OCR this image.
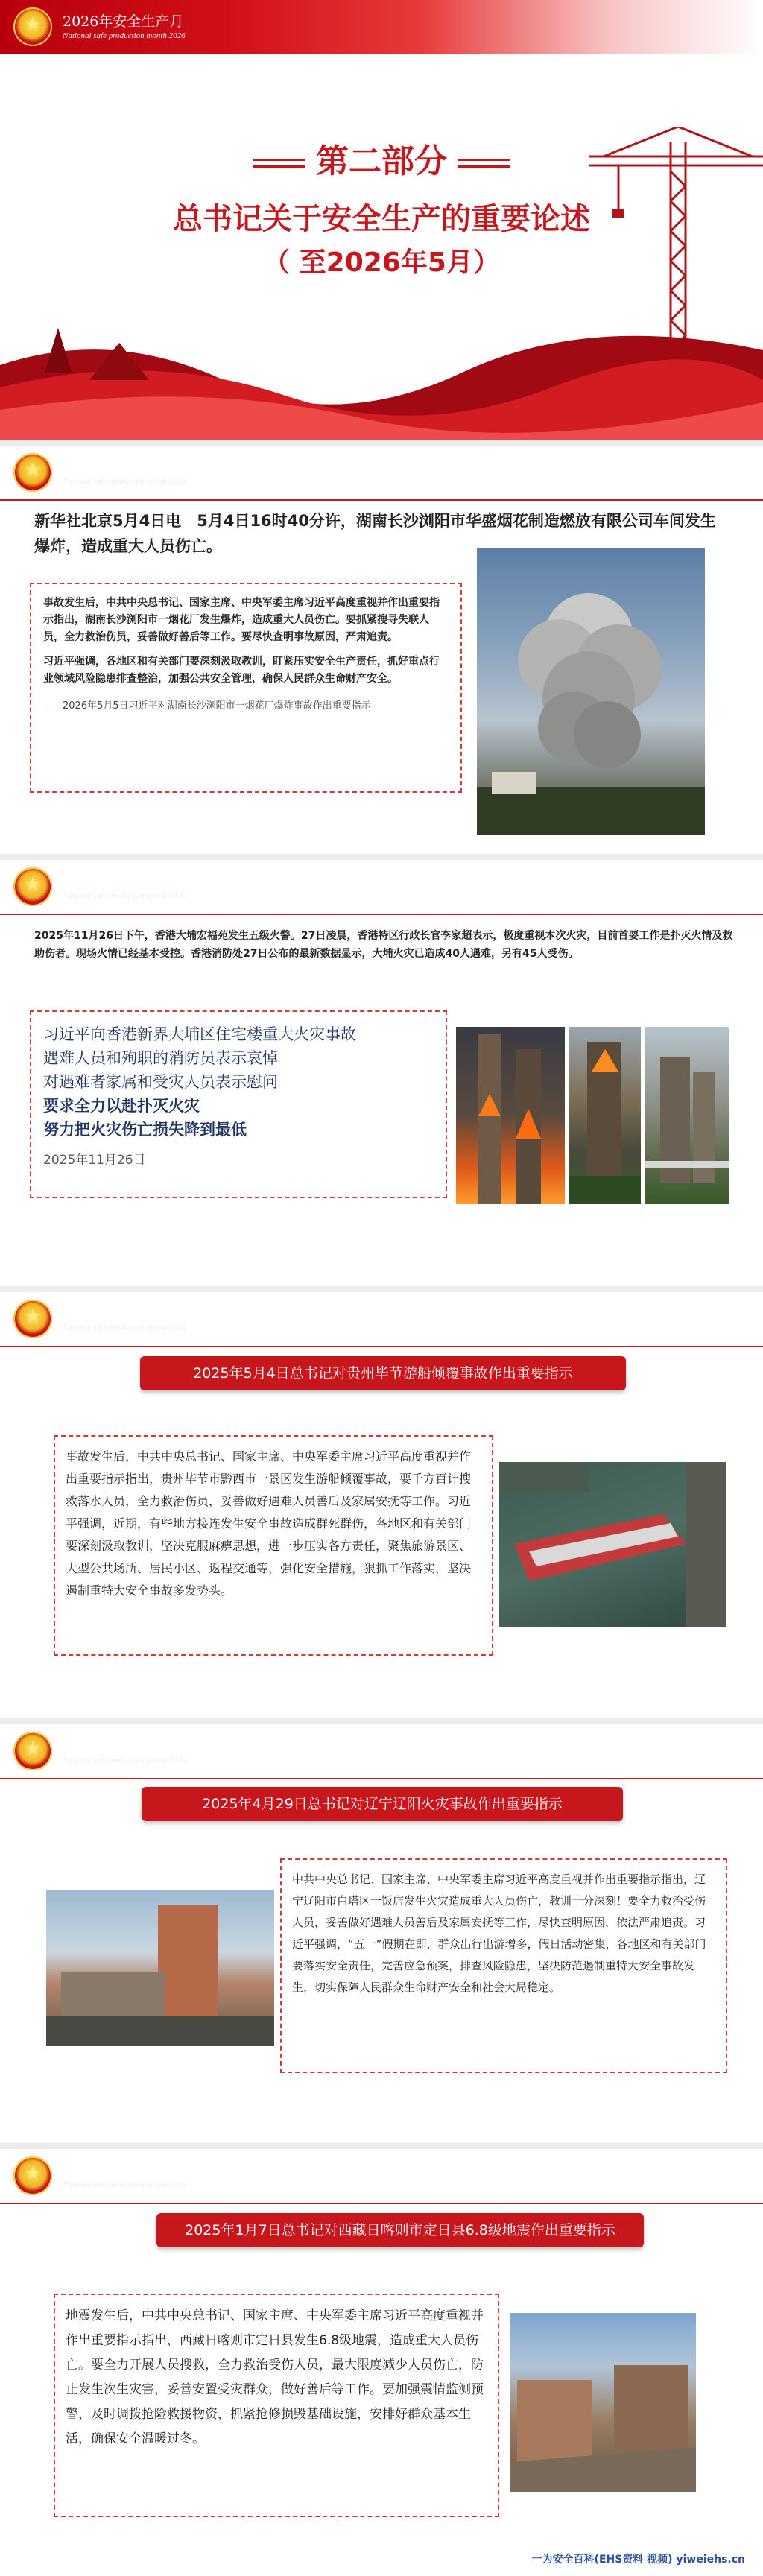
★
2026年安全生产月
National safe production month 2026
第二部分
总书记关于安全生产的重要论述
（ 至2026年5月）
★
2026年安全生产月
National safe production month 2026
新华社北京5月4日电　5月4日16时40分许，湖南长沙浏阳市华盛烟花制造燃放有限公司车间发生爆炸，造成重大人员伤亡。
事故发生后，中共中央总书记、国家主席、中央军委主席习近平高度重视并作出重要指示指出，湖南长沙浏阳市一烟花厂发生爆炸，造成重大人员伤亡。要抓紧搜寻失联人员，全力救治伤员，妥善做好善后等工作。要尽快查明事故原因，严肃追责。
习近平强调，各地区和有关部门要深刻汲取教训，盯紧压实安全生产责任，抓好重点行业领域风险隐患排查整治，加强公共安全管理，确保人民群众生命财产安全。
——2026年5月5日习近平对湖南长沙浏阳市一烟花厂爆炸事故作出重要指示
★
2026年安全生产月
National safe production month 2026
2025年11月26日下午，香港大埔宏福苑发生五级火警。27日凌晨，香港特区行政长官李家超表示，极度重视本次火灾，目前首要工作是扑灭火情及救助伤者。现场火情已经基本受控。香港消防处27日公布的最新数据显示，大埔火灾已造成40人遇难，另有45人受伤。
习近平向香港新界大埔区住宅楼重大火灾事故
遇难人员和殉职的消防员表示哀悼
对遇难者家属和受灾人员表示慰问
要求全力以赴扑灭火灾
努力把火灾伤亡损失降到最低
2025年11月26日
★
2026年安全生产月
National safe production month 2026
2025年5月4日总书记对贵州毕节游船倾覆事故作出重要指示
事故发生后，中共中央总书记、国家主席、中央军委主席习近平高度重视并作出重要指示指出，贵州毕节市黔西市一景区发生游船倾覆事故，要千方百计搜救落水人员，全力救治伤员，妥善做好遇难人员善后及家属安抚等工作。习近平强调，近期，有些地方接连发生安全事故造成群死群伤，各地区和有关部门要深刻汲取教训，坚决克服麻痹思想，进一步压实各方责任，聚焦旅游景区、大型公共场所、居民小区、返程交通等，强化安全措施，狠抓工作落实，坚决遏制重特大安全事故多发势头。
★
2026年安全生产月
National safe production month 2026
2025年4月29日总书记对辽宁辽阳火灾事故作出重要指示
中共中央总书记、国家主席、中央军委主席习近平高度重视并作出重要指示指出，辽宁辽阳市白塔区一饭店发生火灾造成重大人员伤亡，教训十分深刻！要全力救治受伤人员，妥善做好遇难人员善后及家属安抚等工作，尽快查明原因，依法严肃追责。习近平强调，“五一”假期在即，群众出行出游增多，假日活动密集，各地区和有关部门要落实安全责任，完善应急预案，排查风险隐患，坚决防范遏制重特大安全事故发生，切实保障人民群众生命财产安全和社会大局稳定。
★
2026年安全生产月
National safe production month 2026
2025年1月7日总书记对西藏日喀则市定日县6.8级地震作出重要指示
地震发生后，中共中央总书记、国家主席、中央军委主席习近平高度重视并作出重要指示指出，西藏日喀则市定日县发生6.8级地震，造成重大人员伤亡。要全力开展人员搜救，全力救治受伤人员，最大限度减少人员伤亡，防止发生次生灾害，妥善安置受灾群众，做好善后等工作。要加强震情监测预警，及时调拨抢险救援物资，抓紧抢修损毁基础设施，安排好群众基本生活，确保安全温暖过冬。
一为安全百科(EHS资料 视频) yiweiehs.cn
